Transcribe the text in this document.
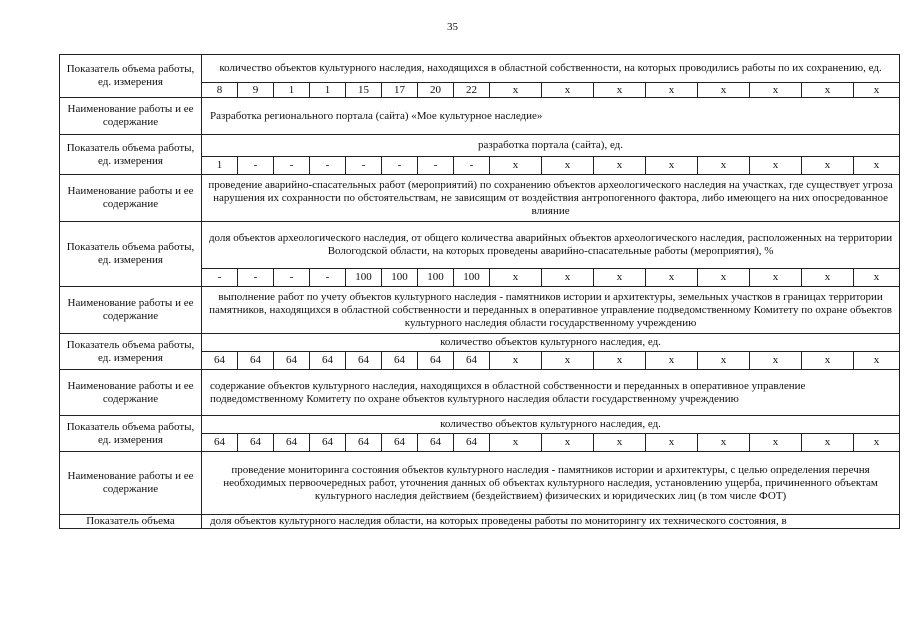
35
Показатель объема работы, ед. измерения	количество объектов культурного наследия, находящихся в областной собственности, на которых проводились работы по их сохранению, ед.															
	8	9	1	1	15	17	20	22	x	x	x	x	x	x	x	x
Наименование работы и ее содержание	Разработка регионального портала (сайта) «Мое культурное наследие»															
Показатель объема работы, ед. измерения	разработка портала (сайта), ед.															
	1	-	-	-	-	-	-	-	x	x	x	x	x	x	x	x
Наименование работы и ее содержание	проведение аварийно-спасательных работ (мероприятий) по сохранению объектов археологического наследия на участках, где существует угроза нарушения их сохранности по обстоятельствам, не зависящим от воздействия антропогенного фактора, либо имеющего на них опосредованное влияние															
Показатель объема работы, ед. измерения	доля объектов археологического наследия, от общего количества аварийных объектов археологического наследия, расположенных на территории Вологодской области, на которых проведены аварийно-спасательные работы (мероприятия), %															
	-	-	-	-	100	100	100	100	x	x	x	x	x	x	x	x
Наименование работы и ее содержание	выполнение работ по учету объектов культурного наследия - памятников истории и архитектуры, земельных участков в границах территории памятников, находящихся в областной собственности и переданных в оперативное управление подведомственному Комитету по охране объектов культурного наследия области государственному учреждению															
Показатель объема работы, ед. измерения	количество объектов культурного наследия, ед.															
	64	64	64	64	64	64	64	64	x	x	x	x	x	x	x	x
Наименование работы и ее содержание	содержание объектов культурного наследия, находящихся в областной собственности и переданных в оперативное управление подведомственному Комитету по охране объектов культурного наследия области государственному учреждению															
Показатель объема работы, ед. измерения	количество объектов культурного наследия, ед.															
	64	64	64	64	64	64	64	64	x	x	x	x	x	x	x	x
Наименование работы и ее содержание	проведение мониторинга состояния объектов культурного наследия - памятников истории и архитектуры, с целью определения перечня необходимых первоочередных работ, уточнения данных об объектах культурного наследия, установлению ущерба, причиненного объектам культурного наследия действием (бездействием) физических и юридических лиц (в том числе ФОТ)															
Показатель объема	доля объектов культурного наследия области, на которых проведены работы по мониторингу их технического состояния, в															
